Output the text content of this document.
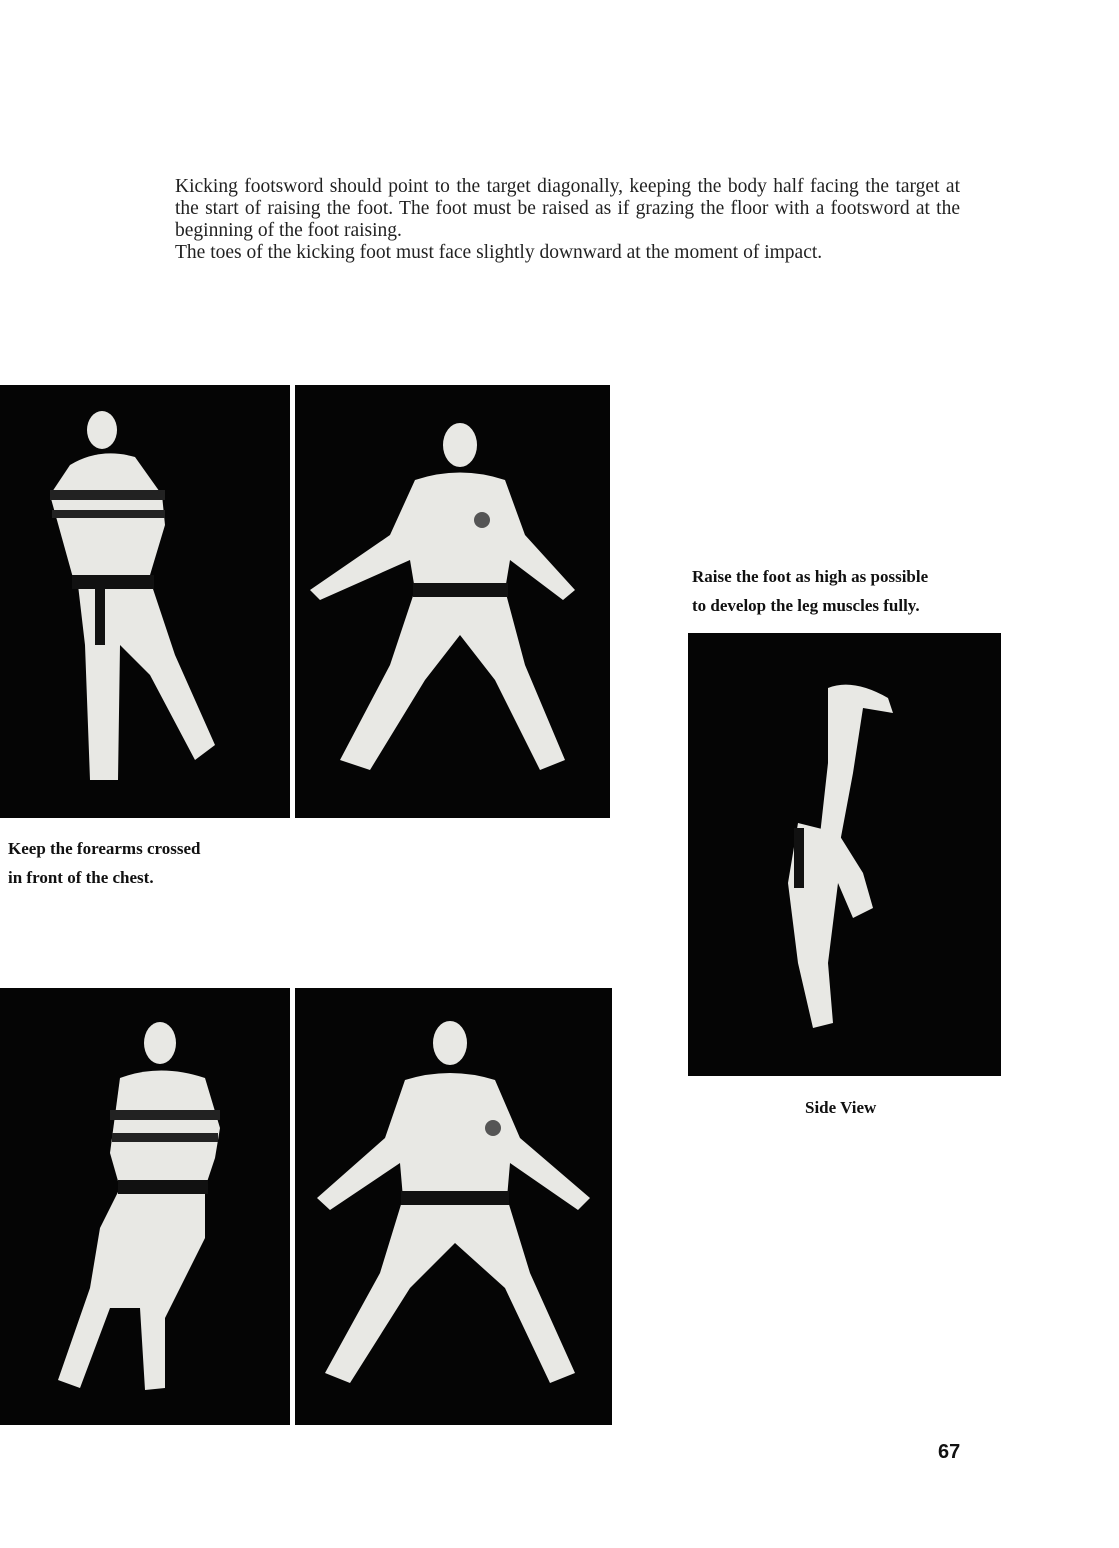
Kicking footsword should point to the target diagonally, keeping the body half facing the target at the start of raising the foot. The foot must be raised as if grazing the floor with a footsword at the beginning of the foot raising.

The toes of the kicking foot must face slightly downward at the moment of impact.

Raise the foot as high as possible
to develop the leg muscles fully.
Keep the forearms crossed
in front of the chest.
Side View
67
